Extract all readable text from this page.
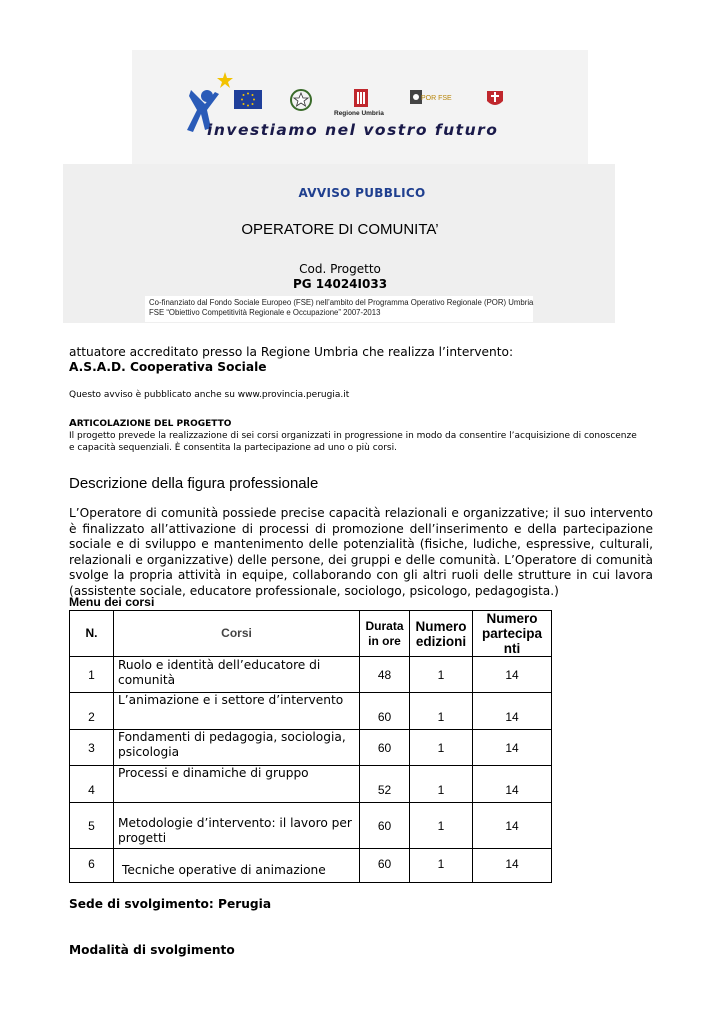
Regione Umbria
POR FSE
investiamo nel vostro futuro
AVVISO PUBBLICO
OPERATORE DI COMUNITA’
Cod. Progetto
PG 14024I033
Co-finanziato dal Fondo Sociale Europeo (FSE) nell’ambito del Programma Operativo Regionale (POR) Umbria
FSE “Obiettivo Competitività Regionale e Occupazione” 2007-2013
attuatore accreditato presso la Regione Umbria che realizza l’intervento:
A.S.A.D. Cooperativa Sociale
Questo avviso è pubblicato anche su www.provincia.perugia.it
ARTICOLAZIONE DEL PROGETTO
Il progetto prevede la realizzazione di sei corsi organizzati in progressione in modo da consentire l’acquisizione di conoscenze e capacità sequenziali. È consentita la partecipazione ad uno o più corsi.
Descrizione della figura professionale
L’Operatore di comunità possiede precise capacità relazionali e organizzative; il suo intervento è finalizzato all’attivazione di processi di promozione dell’inserimento e della partecipazione sociale e di sviluppo e mantenimento delle potenzialità (fisiche, ludiche, espressive, culturali, relazionali e organizzative) delle persone, dei gruppi e delle comunità. L’Operatore di comunità svolge la propria attività in equipe, collaborando con gli altri ruoli delle strutture in cui lavora (assistente sociale, educatore professionale, sociologo, psicologo, pedagogista.)
Menu dei corsi
N.	Corsi	Durata in ore	Numero edizioni	Numero partecipa nti
1	Ruolo e identità dell’educatore di comunità	48	1	14
2	L’animazione e i settore d’intervento	60	1	14
3	Fondamenti di pedagogia, sociologia, psicologia	60	1	14
4	Processi e dinamiche di gruppo	52	1	14
5	Metodologie d’intervento: il lavoro per progetti	60	1	14
6	Tecniche operative di animazione	60	1	14
Sede di svolgimento: Perugia
Modalità di svolgimento
